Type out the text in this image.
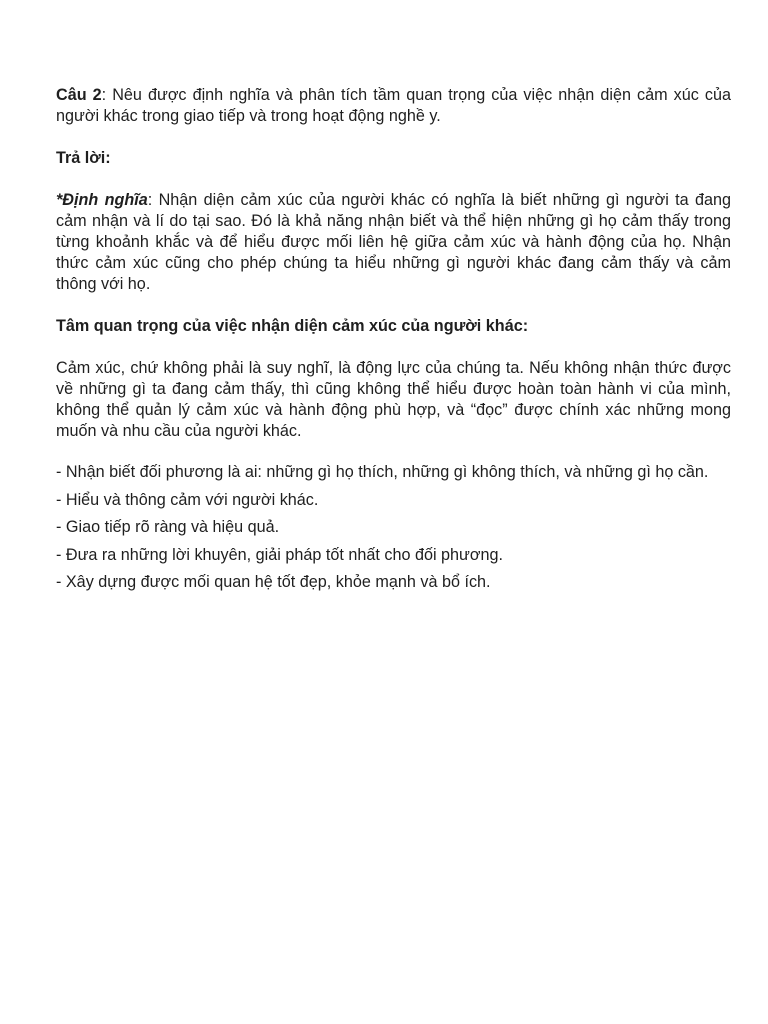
Câu 2: Nêu được định nghĩa và phân tích tầm quan trọng của việc nhận diện cảm xúc của người khác trong giao tiếp và trong hoạt động nghề y.

Trả lời:

*Định nghĩa: Nhận diện cảm xúc của người khác có nghĩa là biết những gì người ta đang cảm nhận và lí do tại sao. Đó là khả năng nhận biết và thể hiện những gì họ cảm thấy trong từng khoảnh khắc và để hiểu được mối liên hệ giữa cảm xúc và hành động của họ. Nhận thức cảm xúc cũng cho phép chúng ta hiểu những gì người khác đang cảm thấy và cảm thông với họ.

Tâm quan trọng của việc nhận diện cảm xúc của người khác:

Cảm xúc, chứ không phải là suy nghĩ, là động lực của chúng ta. Nếu không nhận thức được về những gì ta đang cảm thấy, thì cũng không thể hiểu được hoàn toàn hành vi của mình, không thể quản lý cảm xúc và hành động phù hợp, và “đọc” được chính xác những mong muốn và nhu cầu của người khác.

- Nhận biết đối phương là ai: những gì họ thích, những gì không thích, và những gì họ cần.

- Hiểu và thông cảm với người khác.

- Giao tiếp rõ ràng và hiệu quả.

- Đưa ra những lời khuyên, giải pháp tốt nhất cho đối phương.

- Xây dựng được mối quan hệ tốt đẹp, khỏe mạnh và bổ ích.
